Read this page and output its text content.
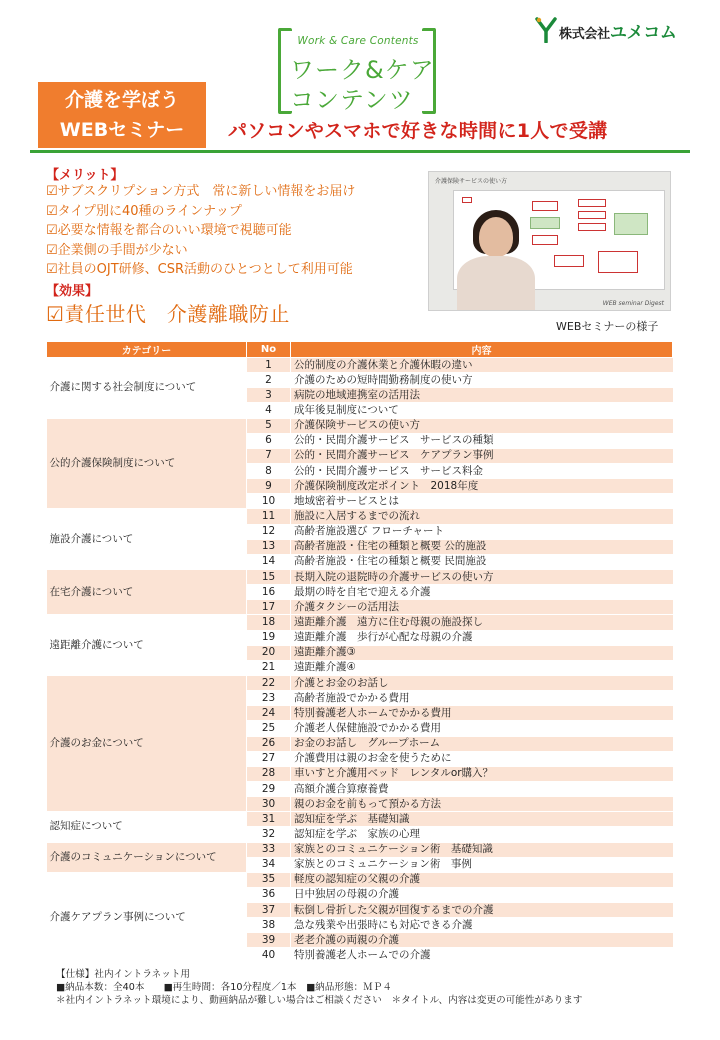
Work & Care Contents
ワーク&ケア
コンテンツ
株式会社ユメコム
介護を学ぼう
WEBセミナー	パソコンやスマホで好きな時間に1人で受講
【メリット】
☑サブスクリプション方式　常に新しい情報をお届け
☑タイプ別に40種のラインナップ
☑必要な情報を都合のいい環境で視聴可能
☑企業側の手間が少ない
☑社員のOJT研修、CSR活動のひとつとして利用可能
【効果】
☑責任世代　介護離職防止
介護保険サービスの使い方
WEB seminar Digest
WEBセミナーの様子
カテゴリー	No	内容
介護に関する社会制度について	1	公的制度の介護休業と介護休暇の違い
	2	介護のための短時間勤務制度の使い方
	3	病院の地域連携室の活用法
	4	成年後見制度について
公的介護保険制度について	5	介護保険サービスの使い方
	6	公的・民間介護サービス　サービスの種類
	7	公的・民間介護サービス　ケアプラン事例
	8	公的・民間介護サービス　サービス料金
	9	介護保険制度改定ポイント　2018年度
	10	地域密着サービスとは
施設介護について	11	施設に入居するまでの流れ
	12	高齢者施設選び フローチャート
	13	高齢者施設・住宅の種類と概要 公的施設
	14	高齢者施設・住宅の種類と概要 民間施設
在宅介護について	15	長期入院の退院時の介護サービスの使い方
	16	最期の時を自宅で迎える介護
	17	介護タクシーの活用法
遠距離介護について	18	遠距離介護　遠方に住む母親の施設探し
	19	遠距離介護　歩行が心配な母親の介護
	20	遠距離介護③
	21	遠距離介護④
介護のお金について	22	介護とお金のお話し
	23	高齢者施設でかかる費用
	24	特別養護老人ホームでかかる費用
	25	介護老人保健施設でかかる費用
	26	お金のお話し　グループホーム
	27	介護費用は親のお金を使うために
	28	車いすと介護用ベッド　レンタルor購入？
	29	高額介護合算療養費
	30	親のお金を前もって預かる方法
認知症について	31	認知症を学ぶ　基礎知識
	32	認知症を学ぶ　家族の心理
介護のコミュニケーションについて	33	家族とのコミュニケーション術　基礎知識
	34	家族とのコミュニケーション術　事例
介護ケアプラン事例について	35	軽度の認知症の父親の介護
	36	日中独居の母親の介護
	37	転倒し骨折した父親が回復するまでの介護
	38	急な残業や出張時にも対応できる介護
	39	老老介護の両親の介護
	40	特別養護老人ホームでの介護
【仕様】社内イントラネット用
■納品本数：全40本　　■再生時間：各10分程度／1本　■納品形態：ＭＰ４
＊社内イントラネット環境により、動画納品が難しい場合はご相談ください　＊タイトル、内容は変更の可能性があります
